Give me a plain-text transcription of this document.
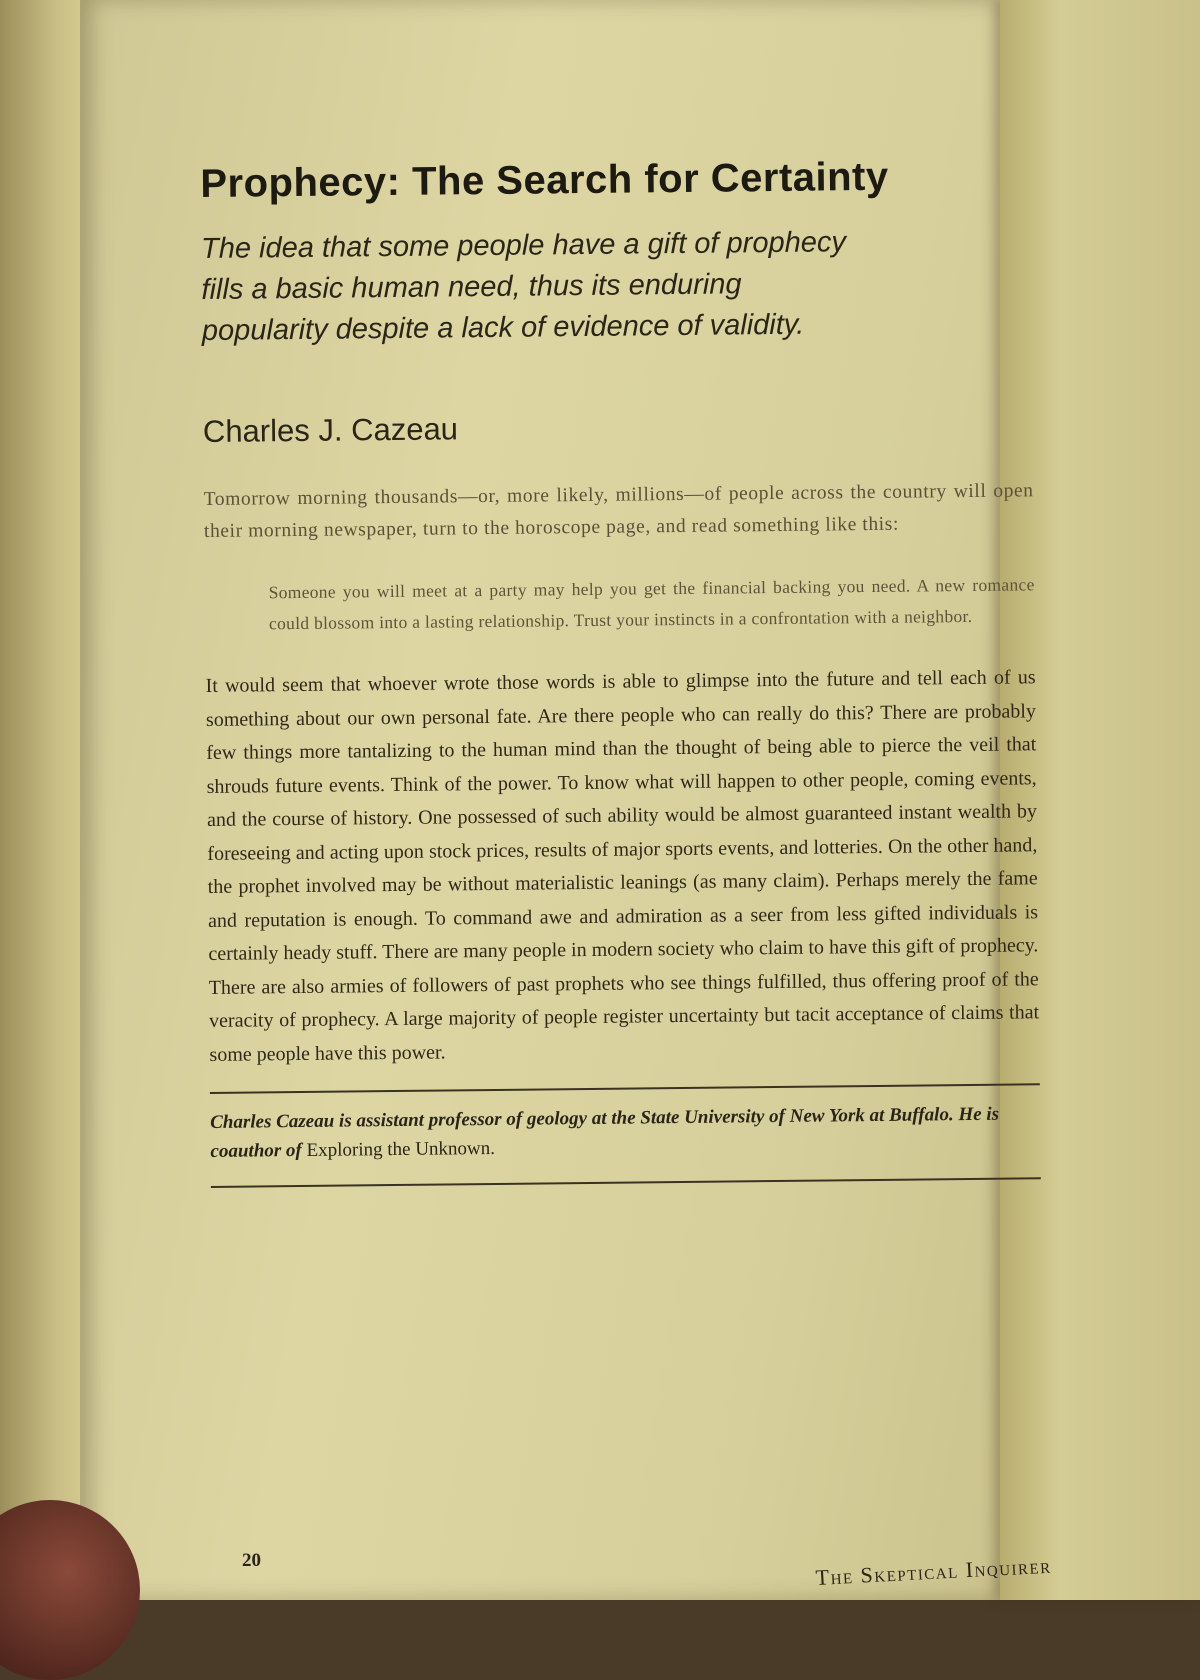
Prophecy: The Search for Certainty
The idea that some people have a gift of prophecy fills a basic human need, thus its enduring popularity despite a lack of evidence of validity.
Charles J. Cazeau

Tomorrow morning thousands—or, more likely, millions—of people across the country will open their morning newspaper, turn to the horoscope page, and read something like this:

Someone you will meet at a party may help you get the financial backing you need. A new romance could blossom into a lasting relationship. Trust your instincts in a confrontation with a neighbor.

It would seem that whoever wrote those words is able to glimpse into the future and tell each of us something about our own personal fate. Are there people who can really do this? There are probably few things more tantalizing to the human mind than the thought of being able to pierce the veil that shrouds future events. Think of the power. To know what will happen to other people, coming events, and the course of history. One possessed of such ability would be almost guaranteed instant wealth by foreseeing and acting upon stock prices, results of major sports events, and lotteries. On the other hand, the prophet involved may be without materialistic leanings (as many claim). Perhaps merely the fame and reputation is enough. To command awe and admiration as a seer from less gifted individuals is certainly heady stuff. There are many people in modern society who claim to have this gift of prophecy. There are also armies of followers of past prophets who see things fulfilled, thus offering proof of the veracity of prophecy. A large majority of people register uncertainty but tacit acceptance of claims that some people have this power.

Charles Cazeau is assistant professor of geology at the State University of New York at Buffalo. He is coauthor of Exploring the Unknown.

20	The Skeptical Inquirer
